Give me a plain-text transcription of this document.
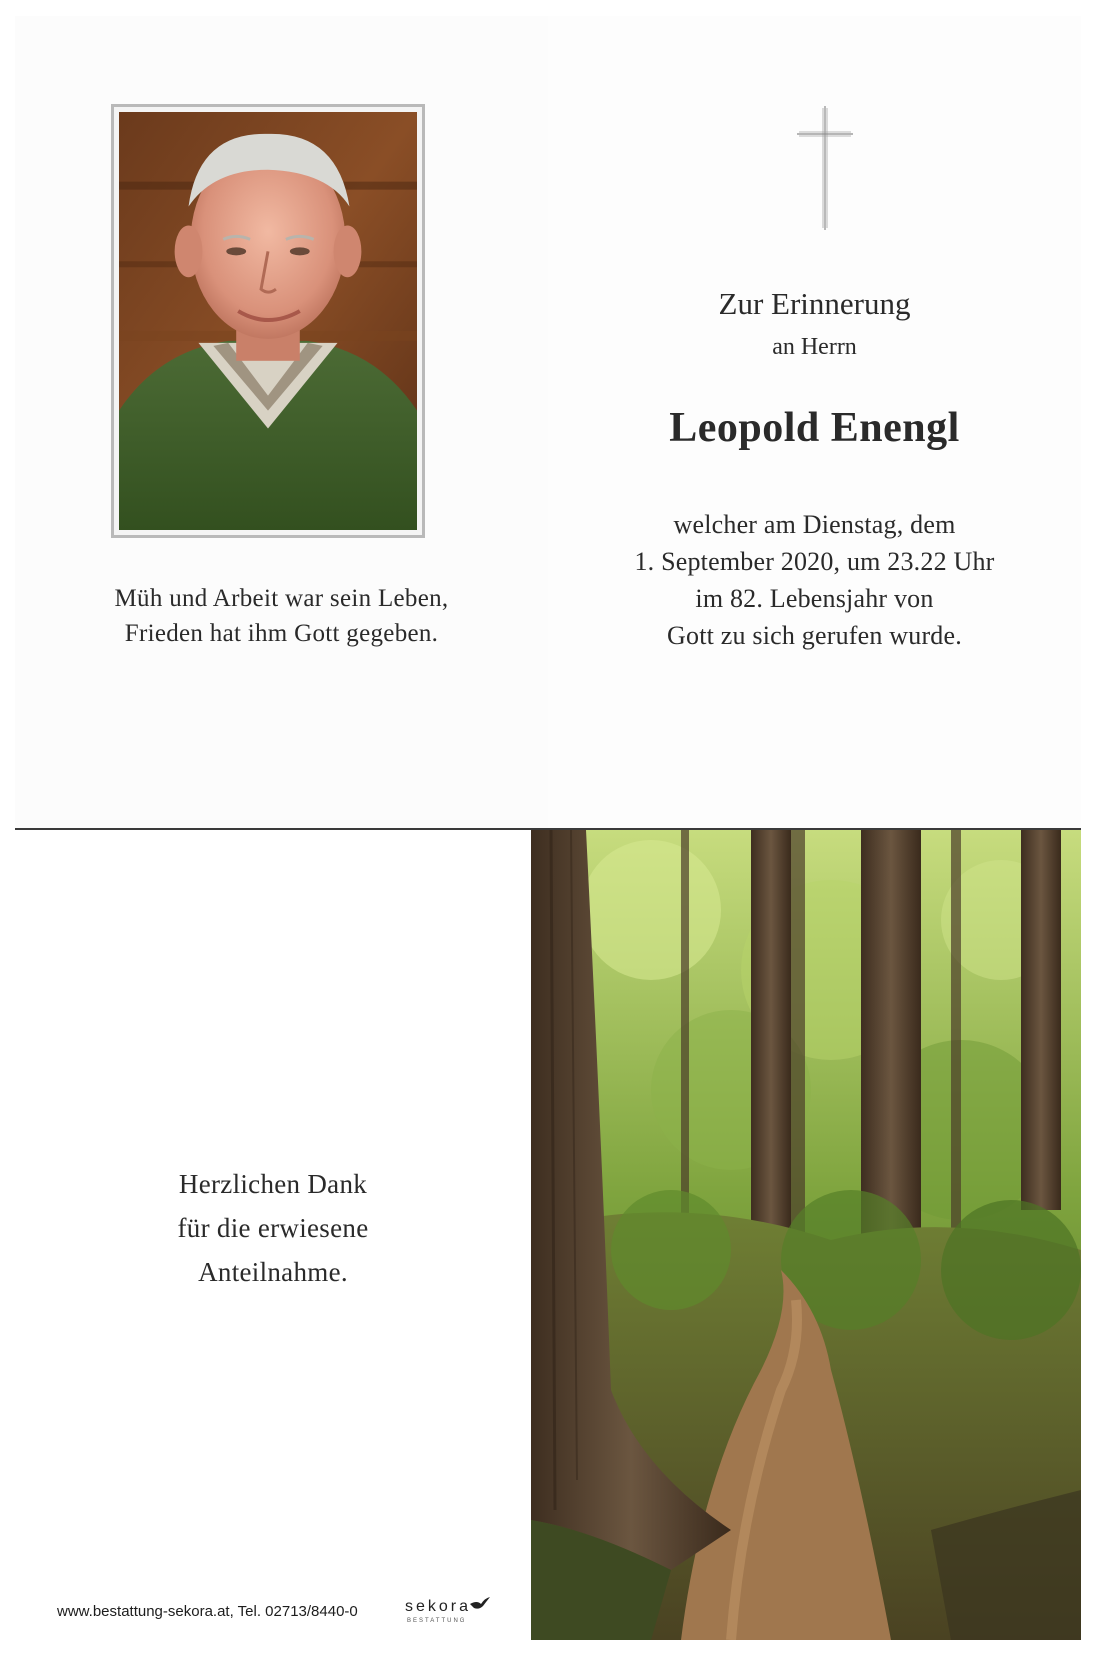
Müh und Arbeit war sein Leben,
Frieden hat ihm Gott gegeben.
Zur Erinnerung
an Herrn
Leopold Enengl
welcher am Dienstag, dem
1. September 2020, um 23.22 Uhr
im 82. Lebensjahr von
Gott zu sich gerufen wurde.
Herzlichen Dank
für die erwiesene
Anteilnahme.
www.bestattung-sekora.at, Tel. 02713/8440-0	sekora
BESTATTUNG
